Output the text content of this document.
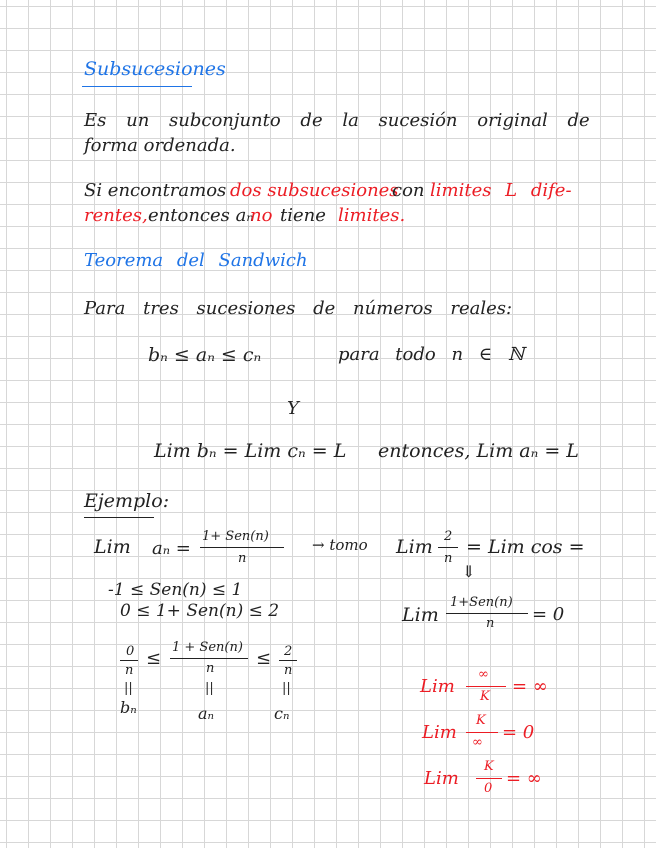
Subsucesiones
Es un subconjunto de la sucesión original de
forma ordenada.
Si encontramos dos subsucesiones
con limites L dife-
rentes, entonces aₙ
no tiene limites.
Teorema del Sandwich
Para tres sucesiones de números reales:
bₙ ≤ aₙ ≤ cₙ	para todo n ∈ ℕ
Y
Lim bₙ = Lim cₙ = L entonces, Lim aₙ = L
Ejemplo:
Lim aₙ =
1+ Sen(n)
n
→ tomo Lim 2
n
= Lim cos =
⇓
-1 ≤ Sen(n) ≤ 1
0 ≤ 1+ Sen(n) ≤ 2	Lim
1+Sen(n)
n = 0
0
n
≤
1 + Sen(n)
n ≤ 2
n
||	||	||
bₙ	aₙ	cₙ
Lim
∞
K = ∞
Lim
K
∞ = 0
Lim
K
0 = ∞
